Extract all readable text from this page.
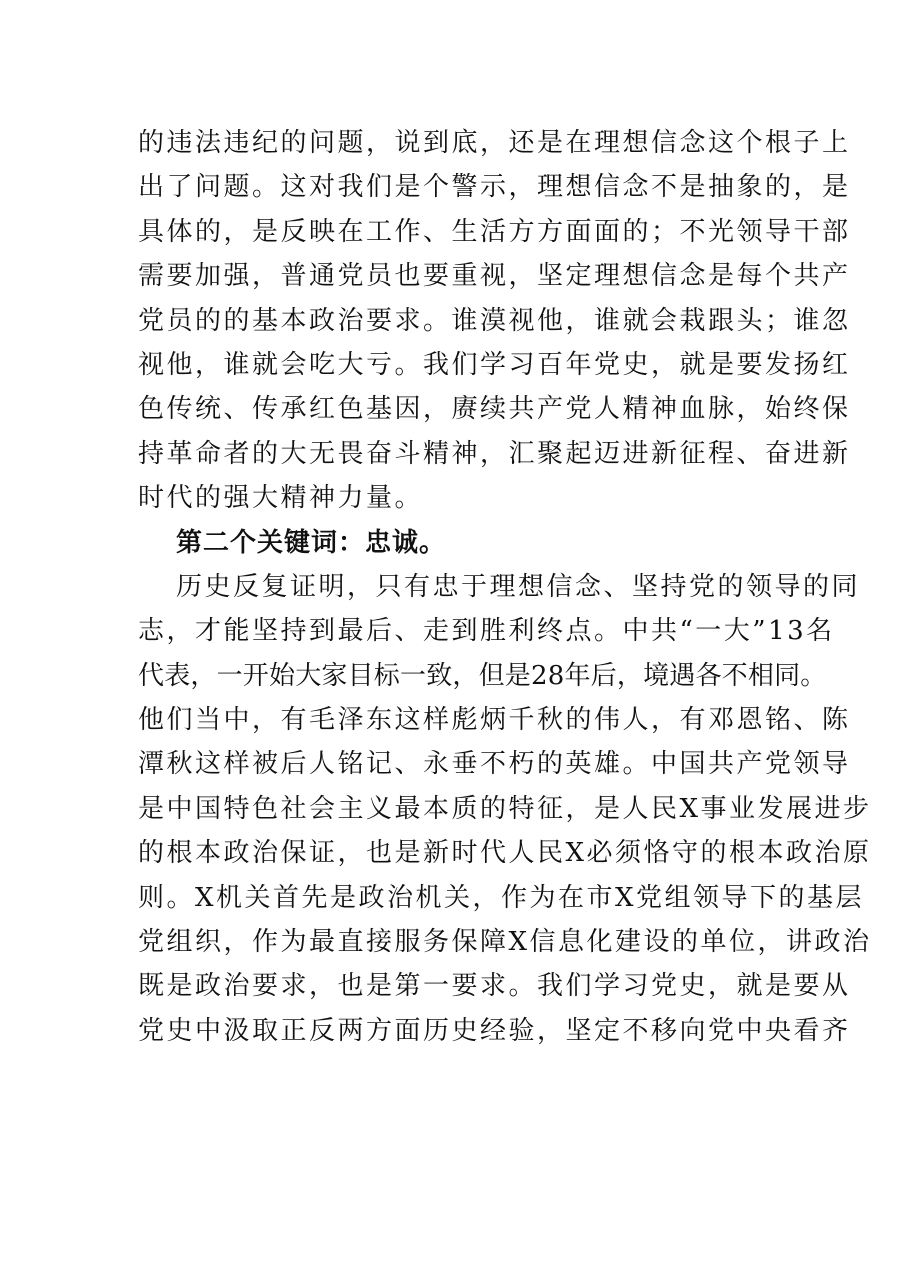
的违法违纪的问题，说到底，还是在理想信念这个根子上
出了问题。这对我们是个警示，理想信念不是抽象的，是
具体的，是反映在工作、生活方方面面的；不光领导干部
需要加强，普通党员也要重视，坚定理想信念是每个共产
党员的的基本政治要求。谁漠视他，谁就会栽跟头；谁忽
视他，谁就会吃大亏。我们学习百年党史，就是要发扬红
色传统、传承红色基因，赓续共产党人精神血脉，始终保
持革命者的大无畏奋斗精神，汇聚起迈进新征程、奋进新
时代的强大精神力量。
第二个关键词：忠诚。
历史反复证明，只有忠于理想信念、坚持党的领导的同
志，才能坚持到最后、走到胜利终点。中共“一大”13名
代表，一开始大家目标一致，但是28年后，境遇各不相同。
他们当中，有毛泽东这样彪炳千秋的伟人，有邓恩铭、陈
潭秋这样被后人铭记、永垂不朽的英雄。中国共产党领导
是中国特色社会主义最本质的特征，是人民X事业发展进步
的根本政治保证，也是新时代人民X必须恪守的根本政治原
则。X机关首先是政治机关，作为在市X党组领导下的基层
党组织，作为最直接服务保障X信息化建设的单位，讲政治
既是政治要求，也是第一要求。我们学习党史，就是要从
党史中汲取正反两方面历史经验，坚定不移向党中央看齐
